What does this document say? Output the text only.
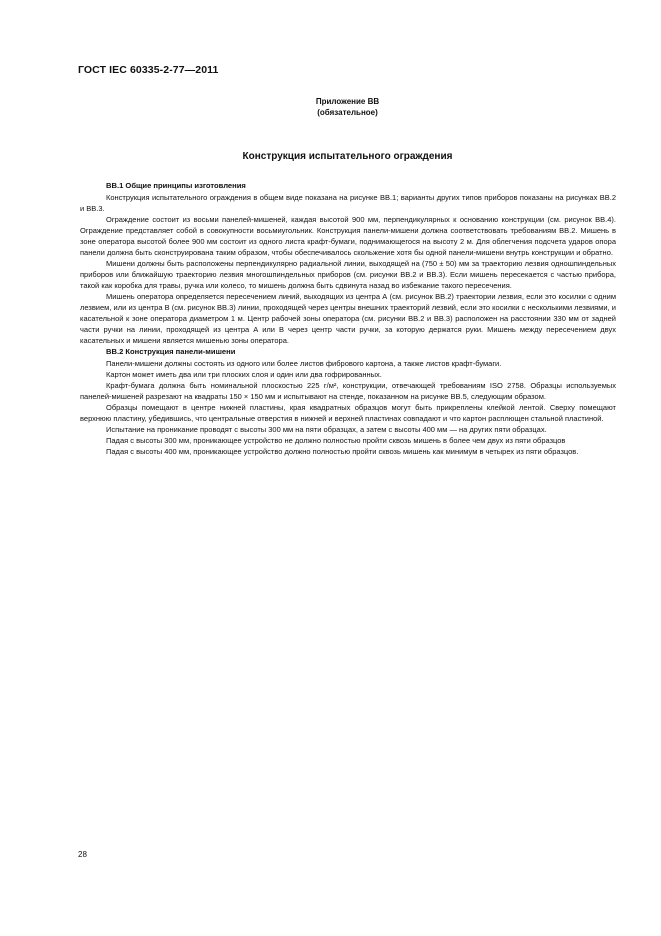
ГОСТ IEC 60335-2-77—2011
Приложение ВВ
(обязательное)
Конструкция испытательного ограждения
ВВ.1 Общие принципы изготовления

Конструкция испытательного ограждения в общем виде показана на рисунке ВВ.1; варианты других типов приборов показаны на рисунках ВВ.2 и ВВ.3.

Ограждение состоит из восьми панелей-мишеней, каждая высотой 900 мм, перпендикулярных к основанию конструкции (см. рисунок ВВ.4). Ограждение представляет собой в совокупности восьмиугольник. Конструкция панели-мишени должна соответствовать требованиям ВВ.2. Мишень в зоне оператора высотой более 900 мм состоит из одного листа крафт-бумаги, поднимающегося на высоту 2 м. Для облегчения подсчета ударов опора панели должна быть сконструирована таким образом, чтобы обеспечивалось скольжение хотя бы одной панели-мишени внутрь конструкции и обратно.

Мишени должны быть расположены перпендикулярно радиальной линии, выходящей на (750 ± 50) мм за траекторию лезвия одношпиндельных приборов или ближайшую траекторию лезвия многошпиндельных приборов (см. рисунки ВВ.2 и ВВ.3). Если мишень пересекается с частью прибора, такой как коробка для травы, ручка или колесо, то мишень должна быть сдвинута назад во избежание такого пересечения.

Мишень оператора определяется пересечением линий, выходящих из центра А (см. рисунок ВВ.2) траектории лезвия, если это косилки с одним лезвием, или из центра В (см. рисунок ВВ.3) линии, проходящей через центры внешних траекторий лезвий, если это косилки с несколькими лезвиями, и касательной к зоне оператора диаметром 1 м. Центр рабочей зоны оператора (см. рисунки ВВ.2 и ВВ.3) расположен на расстоянии 330 мм от задней части ручки на линии, проходящей из центра А или В через центр части ручки, за которую держатся руки. Мишень между пересечением двух касательных и мишени является мишенью зоны оператора.

ВВ.2 Конструкция панели-мишени

Панели-мишени должны состоять из одного или более листов фибрового картона, а также листов крафт-бумаги.

Картон может иметь два или три плоских слоя и один или два гофрированных.

Крафт-бумага должна быть номинальной плоскостью 225 г/м², конструкции, отвечающей требованиям ISO 2758. Образцы используемых панелей-мишеней разрезают на квадраты 150 × 150 мм и испытывают на стенде, показанном на рисунке ВВ.5, следующим образом.

Образцы помещают в центре нижней пластины, края квадратных образцов могут быть прикреплены клейкой лентой. Сверху помещают верхнюю пластину, убедившись, что центральные отверстия в нижней и верхней пластинах совпадают и что картон расплющен стальной пластиной.

Испытание на проникание проводят с высоты 300 мм на пяти образцах, а затем с высоты 400 мм — на других пяти образцах.

Падая с высоты 300 мм, проникающее устройство не должно полностью пройти сквозь мишень в более чем двух из пяти образцов

Падая с высоты 400 мм, проникающее устройство должно полностью пройти сквозь мишень как минимум в четырех из пяти образцов.

28
